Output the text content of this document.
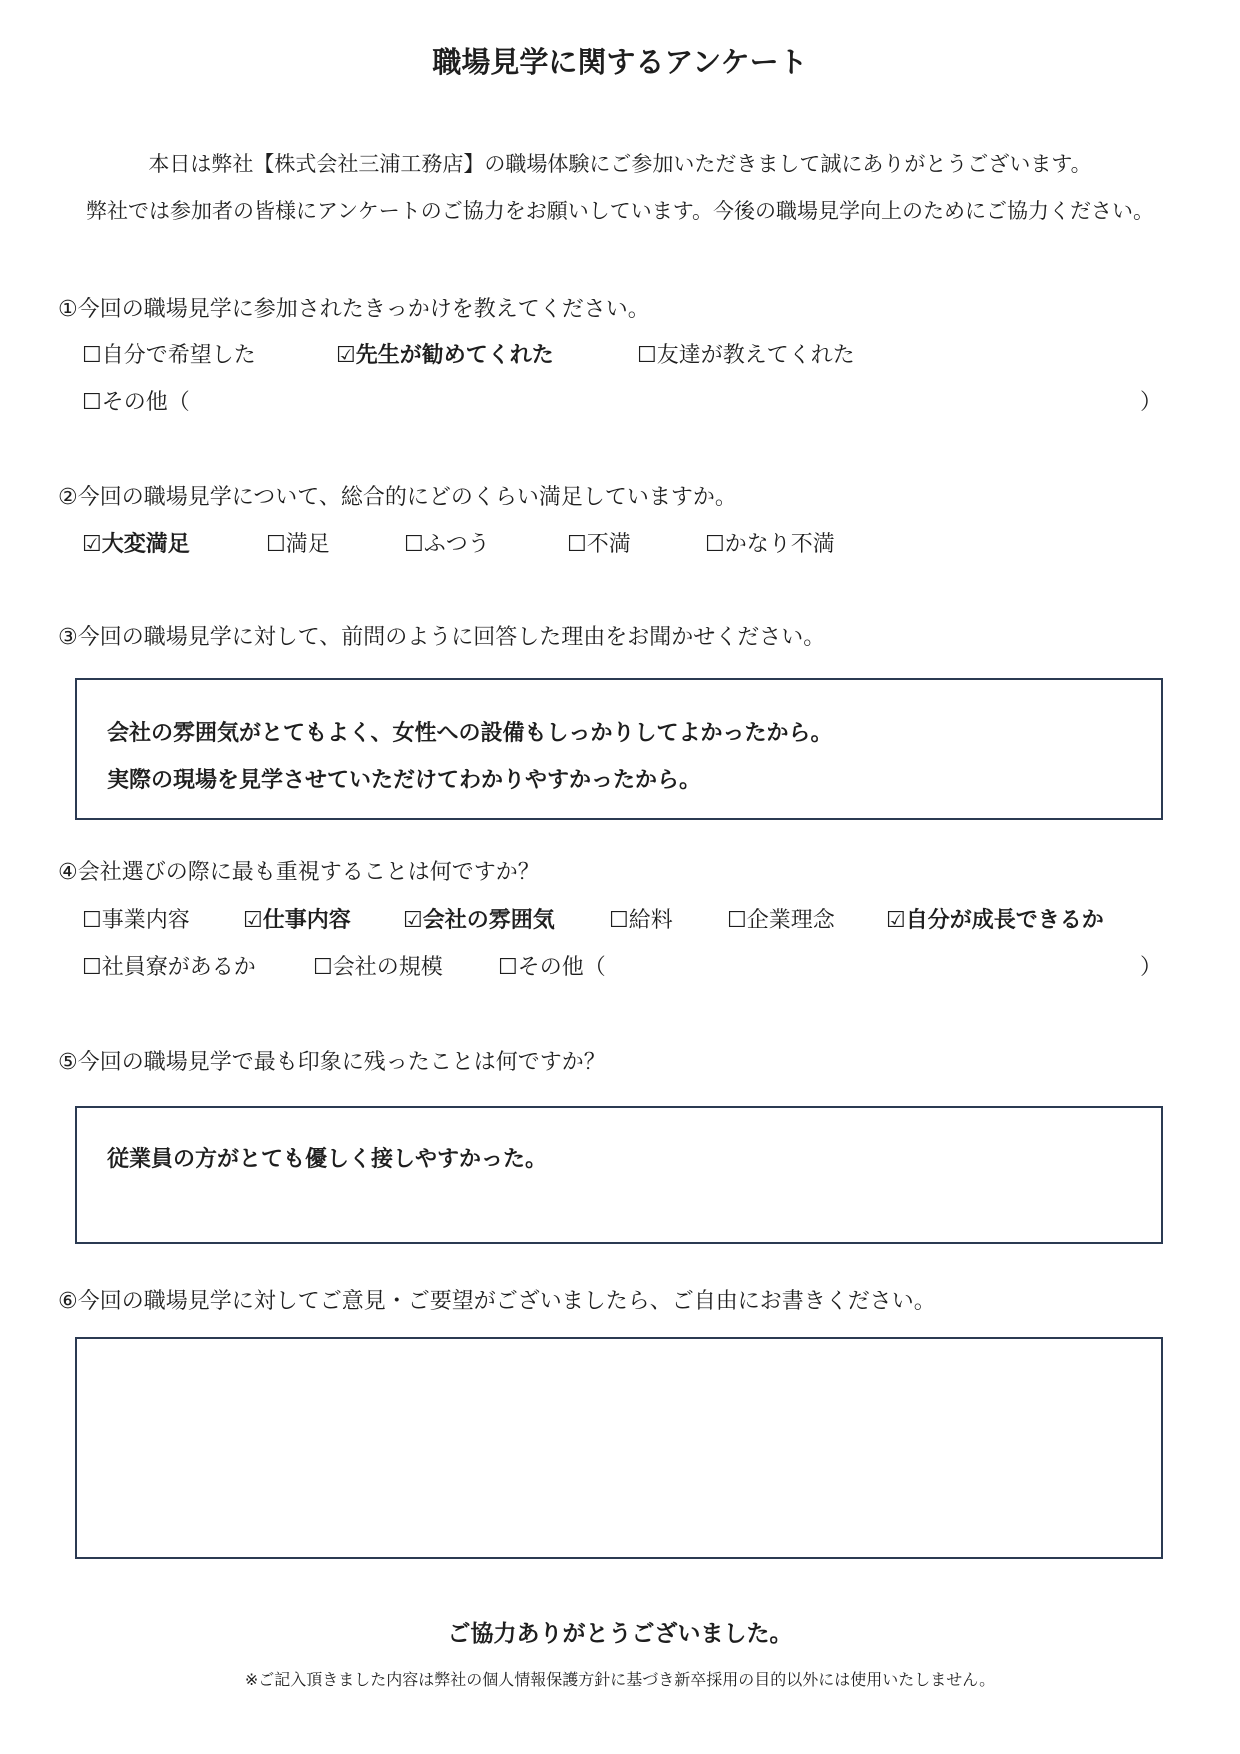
職場見学に関するアンケート
本日は弊社【株式会社三浦工務店】の職場体験にご参加いただきまして誠にありがとうございます。
弊社では参加者の皆様にアンケートのご協力をお願いしています。今後の職場見学向上のためにご協力ください。
①今回の職場見学に参加されたきっかけを教えてください。
☐自分で希望した	☑先生が勧めてくれた	☐友達が教えてくれた
☐その他（	）
②今回の職場見学について、総合的にどのくらい満足していますか。
☑大変満足	☐満足	☐ふつう	☐不満	☐かなり不満
③今回の職場見学に対して、前問のように回答した理由をお聞かせください。
会社の雰囲気がとてもよく、女性への設備もしっかりしてよかったから。
実際の現場を見学させていただけてわかりやすかったから。
④会社選びの際に最も重視することは何ですか？
☐事業内容 ☑仕事内容 ☑会社の雰囲気 ☐給料 ☐企業理念 ☑自分が成長できるか
☐社員寮があるか	☐会社の規模	☐その他（	）
⑤今回の職場見学で最も印象に残ったことは何ですか？
従業員の方がとても優しく接しやすかった。
⑥今回の職場見学に対してご意見・ご要望がございましたら、ご自由にお書きください。
ご協力ありがとうございました。
※ご記入頂きました内容は弊社の個人情報保護方針に基づき新卒採用の目的以外には使用いたしません。
